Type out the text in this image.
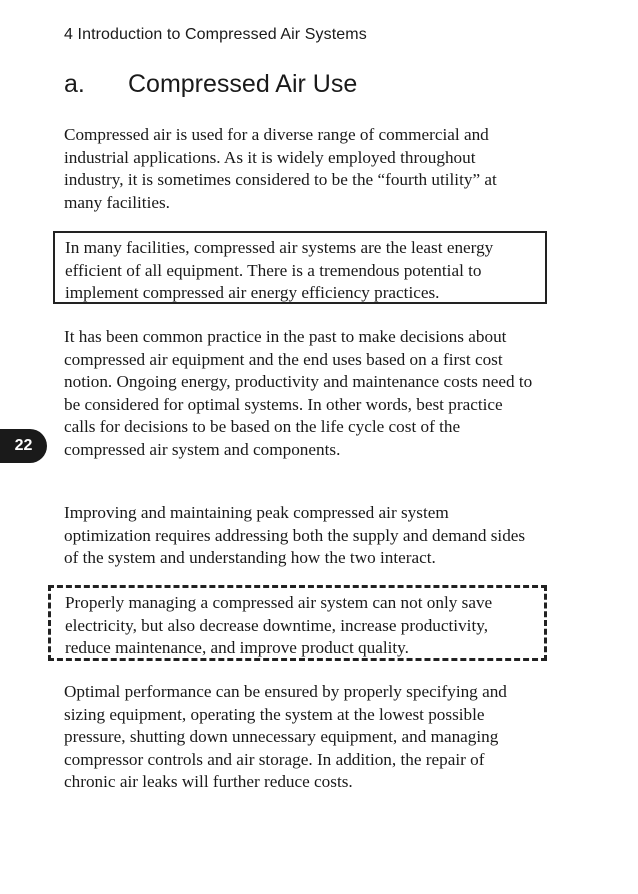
4 Introduction to Compressed Air Systems
a.	Compressed Air Use

Compressed air is used for a diverse range of commercial and industrial applications. As it is widely employed throughout industry, it is sometimes considered to be the “fourth utility” at many facilities.

In many facilities, compressed air systems are the least energy efficient of all equipment. There is a tremendous potential to implement compressed air energy efficiency practices.

It has been common practice in the past to make decisions about compressed air equipment and the end uses based on a first cost notion. Ongoing energy, productivity and maintenance costs need to be considered for optimal systems. In other words, best practice calls for decisions to be based on the life cycle cost of the compressed air system and components.

Improving and maintaining peak compressed air system optimization requires addressing both the supply and demand sides of the system and understanding how the two interact.

Properly managing a compressed air system can not only save electricity, but also decrease downtime, increase productivity, reduce maintenance, and improve product quality.

Optimal performance can be ensured by properly specifying and sizing equipment, operating the system at the lowest possible pressure, shutting down unnecessary equipment, and managing compressor controls and air storage. In addition, the repair of chronic air leaks will further reduce costs.

22
